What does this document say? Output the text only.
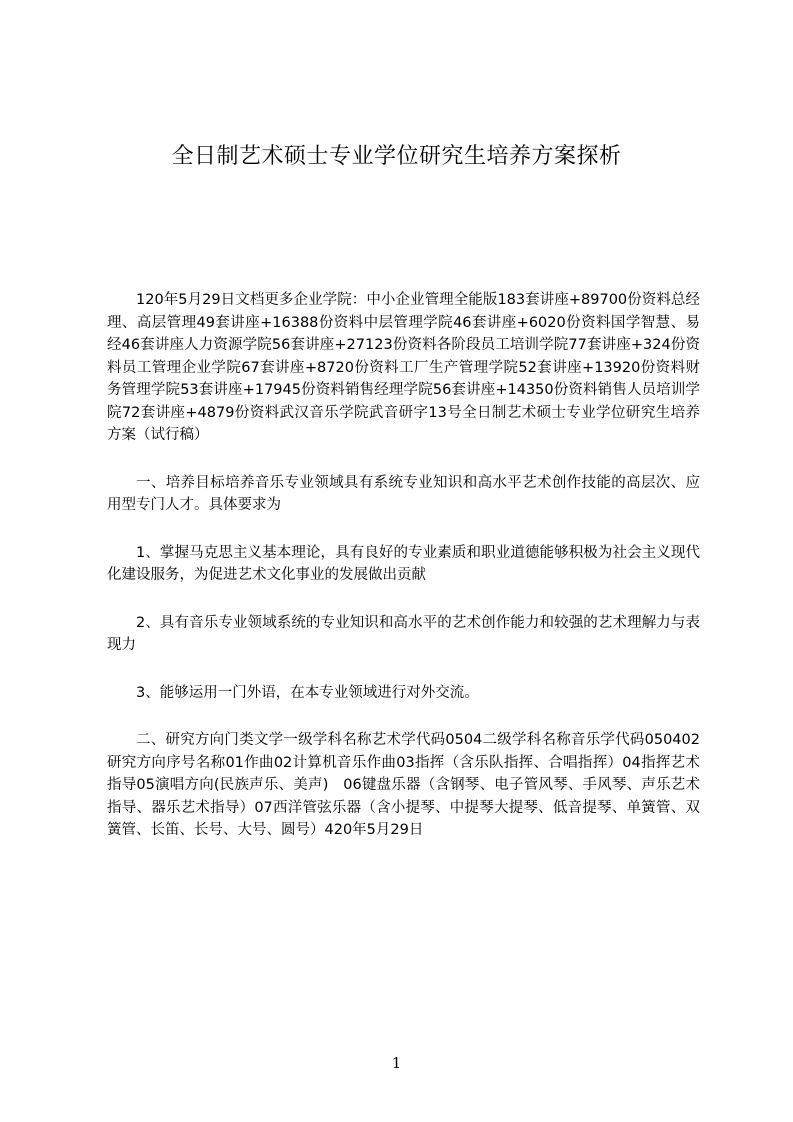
全日制艺术硕士专业学位研究生培养方案探析

120年5月29日文档更多企业学院：中小企业管理全能版183套讲座+89700份资料总经理、高层管理49套讲座+16388份资料中层管理学院46套讲座+6020份资料国学智慧、易经46套讲座人力资源学院56套讲座+27123份资料各阶段员工培训学院77套讲座+324份资料员工管理企业学院67套讲座+8720份资料工厂生产管理学院52套讲座+13920份资料财务管理学院53套讲座+17945份资料销售经理学院56套讲座+14350份资料销售人员培训学院72套讲座+4879份资料武汉音乐学院武音研字13号全日制艺术硕士专业学位研究生培养方案（试行稿）

一、培养目标培养音乐专业领域具有系统专业知识和高水平艺术创作技能的高层次、应用型专门人才。具体要求为

1、掌握马克思主义基本理论，具有良好的专业素质和职业道德能够积极为社会主义现代化建设服务，为促进艺术文化事业的发展做出贡献

2、具有音乐专业领域系统的专业知识和高水平的艺术创作能力和较强的艺术理解力与表现力

3、能够运用一门外语，在本专业领域进行对外交流。

二、研究方向门类文学一级学科名称艺术学代码0504二级学科名称音乐学代码050402研究方向序号名称01作曲02计算机音乐作曲03指挥（含乐队指挥、合唱指挥）04指挥艺术指导05演唱方向(民族声乐、美声)　06键盘乐器（含钢琴、电子管风琴、手风琴、声乐艺术指导、器乐艺术指导）07西洋管弦乐器（含小提琴、中提琴大提琴、低音提琴、单簧管、双簧管、长笛、长号、大号、圆号）420年5月29日

1
